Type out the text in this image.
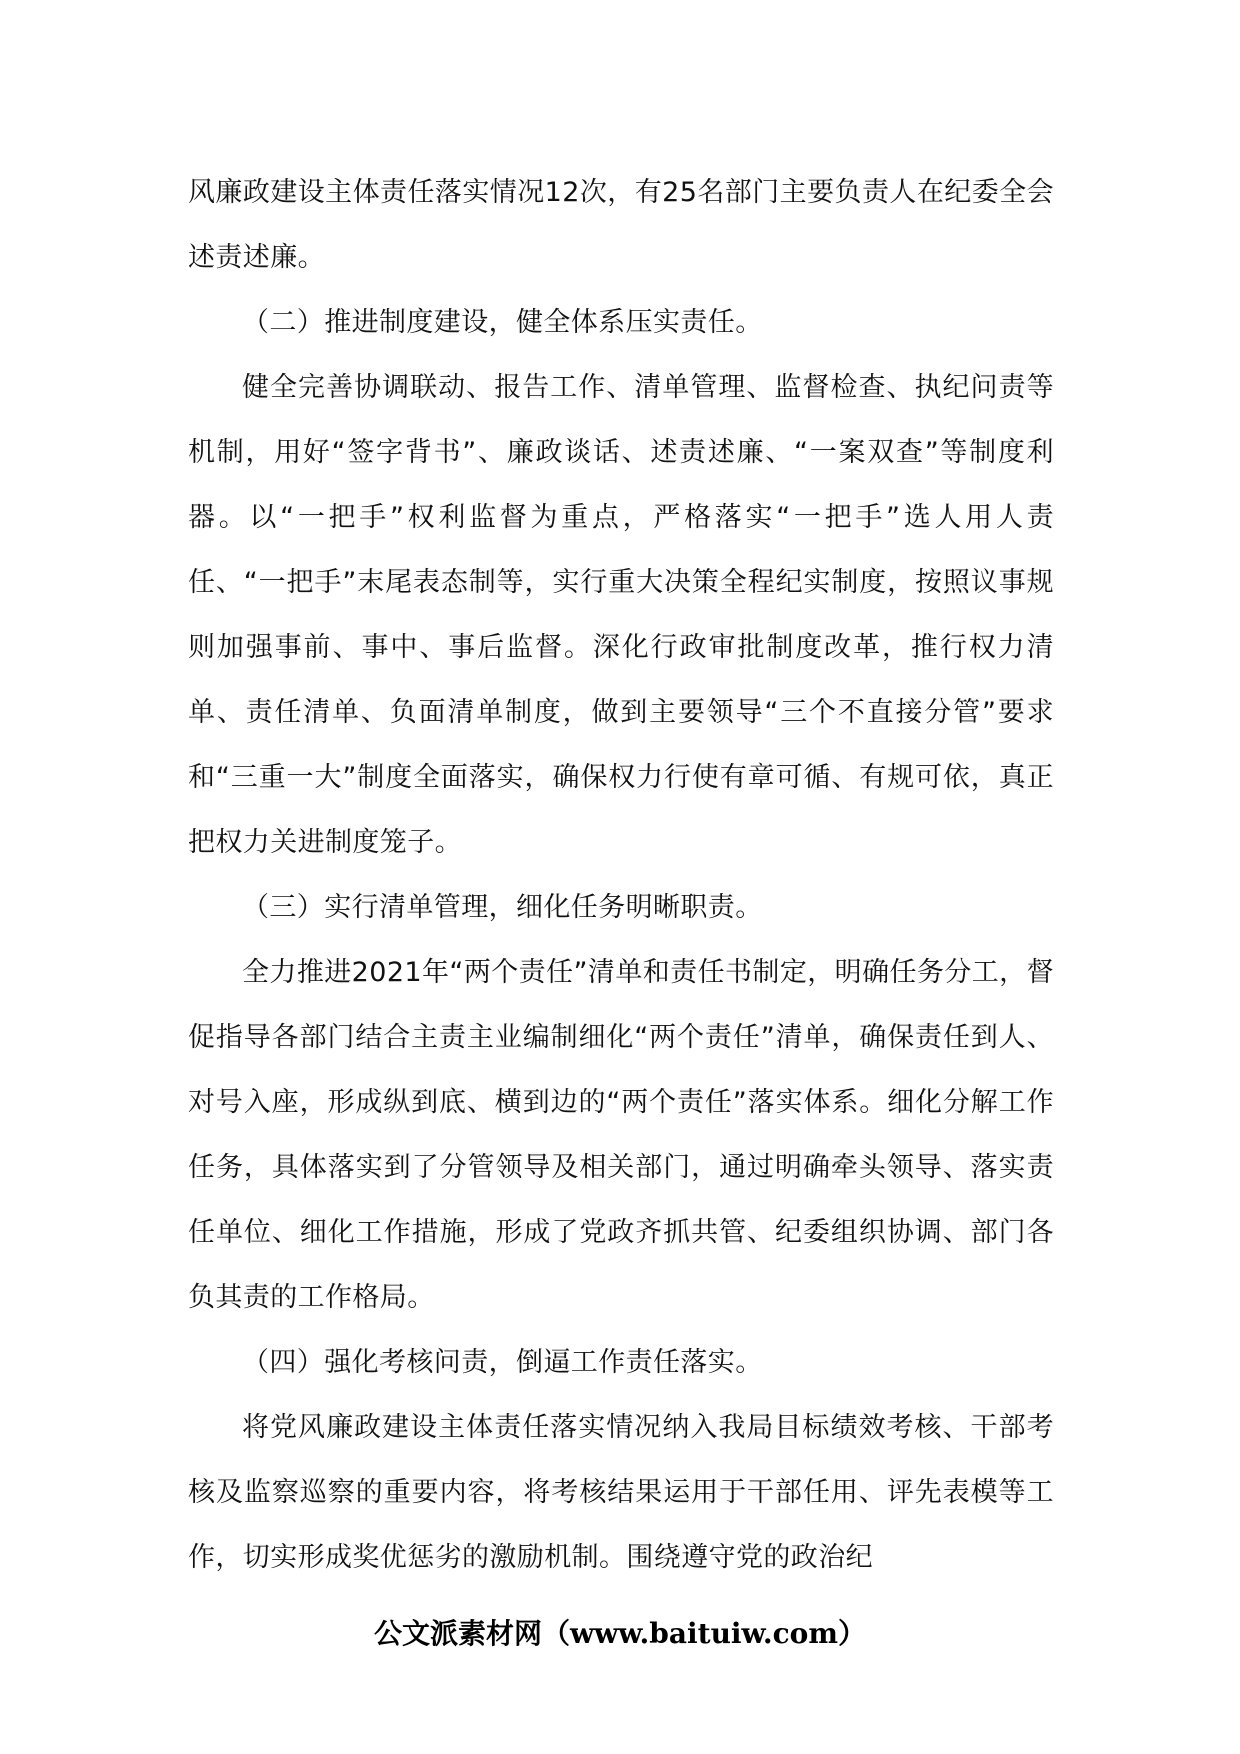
风廉政建设主体责任落实情况12次，有25名部门主要负责人在纪委全会述责述廉。

（二）推进制度建设，健全体系压实责任。

健全完善协调联动、报告工作、清单管理、监督检查、执纪问责等机制，用好“签字背书”、廉政谈话、述责述廉、“一案双查”等制度利器。以“一把手”权利监督为重点，严格落实“一把手”选人用人责任、“一把手”末尾表态制等，实行重大决策全程纪实制度，按照议事规则加强事前、事中、事后监督。深化行政审批制度改革，推行权力清单、责任清单、负面清单制度，做到主要领导“三个不直接分管”要求和“三重一大”制度全面落实，确保权力行使有章可循、有规可依，真正把权力关进制度笼子。

（三）实行清单管理，细化任务明晰职责。

全力推进2021年“两个责任”清单和责任书制定，明确任务分工，督促指导各部门结合主责主业编制细化“两个责任”清单，确保责任到人、对号入座，形成纵到底、横到边的“两个责任”落实体系。细化分解工作任务，具体落实到了分管领导及相关部门，通过明确牵头领导、落实责任单位、细化工作措施，形成了党政齐抓共管、纪委组织协调、部门各负其责的工作格局。

（四）强化考核问责，倒逼工作责任落实。

将党风廉政建设主体责任落实情况纳入我局目标绩效考核、干部考核及监察巡察的重要内容，将考核结果运用于干部任用、评先表模等工作，切实形成奖优惩劣的激励机制。围绕遵守党的政治纪

公文派素材网（www.baituiw.com）
